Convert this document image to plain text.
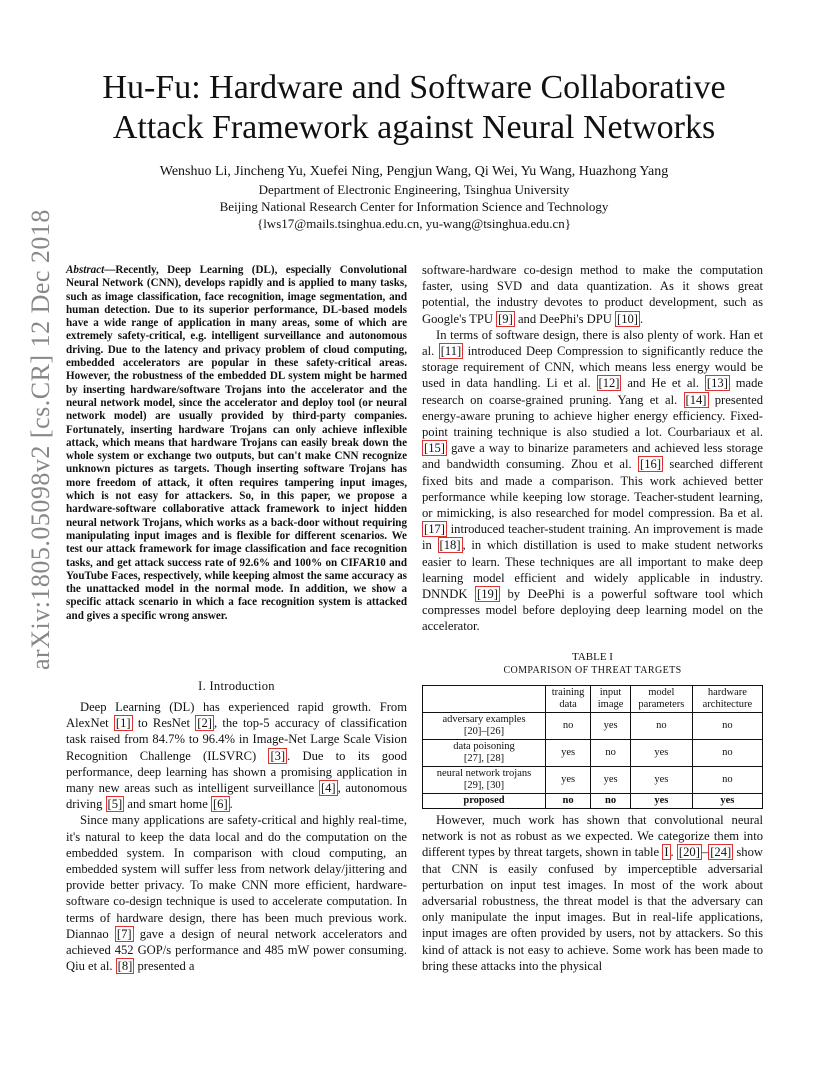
arXiv:1805.05098v2 [cs.CR] 12 Dec 2018
Hu-Fu: Hardware and Software Collaborative
Attack Framework against Neural Networks
Wenshuo Li, Jincheng Yu, Xuefei Ning, Pengjun Wang, Qi Wei, Yu Wang, Huazhong Yang
Department of Electronic Engineering, Tsinghua University
Beijing National Research Center for Information Science and Technology
{lws17@mails.tsinghua.edu.cn, yu-wang@tsinghua.edu.cn}
Abstract—Recently, Deep Learning (DL), especially Convolutional Neural Network (CNN), develops rapidly and is applied to many tasks, such as image classification, face recognition, image segmentation, and human detection. Due to its superior performance, DL-based models have a wide range of application in many areas, some of which are extremely safety-critical, e.g. intelligent surveillance and autonomous driving. Due to the latency and privacy problem of cloud computing, embedded accelerators are popular in these safety-critical areas. However, the robustness of the embedded DL system might be harmed by inserting hardware/software Trojans into the accelerator and the neural network model, since the accelerator and deploy tool (or neural network model) are usually provided by third-party companies. Fortunately, inserting hardware Trojans can only achieve inflexible attack, which means that hardware Trojans can easily break down the whole system or exchange two outputs, but can't make CNN recognize unknown pictures as targets. Though inserting software Trojans has more freedom of attack, it often requires tampering input images, which is not easy for attackers. So, in this paper, we propose a hardware-software collaborative attack framework to inject hidden neural network Trojans, which works as a back-door without requiring manipulating input images and is flexible for different scenarios. We test our attack framework for image classification and face recognition tasks, and get attack success rate of 92.6% and 100% on CIFAR10 and YouTube Faces, respectively, while keeping almost the same accuracy as the unattacked model in the normal mode. In addition, we show a specific attack scenario in which a face recognition system is attacked and gives a specific wrong answer.
I. Introduction

Deep Learning (DL) has experienced rapid growth. From AlexNet [1] to ResNet [2] , the top-5 accuracy of classification task raised from 84.7% to 96.4% in Image-Net Large Scale Vision Recognition Challenge (ILSVRC) [3] . Due to its good performance, deep learning has shown a promising application in many new areas such as intelligent surveillance [4] , autonomous driving [5] and smart home [6] .

Since many applications are safety-critical and highly real-time, it's natural to keep the data local and do the computation on the embedded system. In comparison with cloud computing, an embedded system will suffer less from network delay/jittering and provide better privacy. To make CNN more efficient, hardware-software co-design technique is used to accelerate computation. In terms of hardware design, there has been much previous work. Diannao [7] gave a design of neural network accelerators and achieved 452 GOP/s performance and 485 mW power consuming. Qiu et al. [8] presented a

software-hardware co-design method to make the computation faster, using SVD and data quantization. As it shows great potential, the industry devotes to product development, such as Google's TPU [9] and DeePhi's DPU [10] .

In terms of software design, there is also plenty of work. Han et al. [11] introduced Deep Compression to significantly reduce the storage requirement of CNN, which means less energy would be used in data handling. Li et al. [12] and He et al. [13] made research on coarse-grained pruning. Yang et al. [14] presented energy-aware pruning to achieve higher energy efficiency. Fixed-point training technique is also studied a lot. Courbariaux et al. [15] gave a way to binarize parameters and achieved less storage and bandwidth consuming. Zhou et al. [16] searched different fixed bits and made a comparison. This work achieved better performance while keeping low storage. Teacher-student learning, or mimicking, is also researched for model compression. Ba et al. [17] introduced teacher-student training. An improvement is made in [18] , in which distillation is used to make student networks easier to learn. These techniques are all important to make deep learning model efficient and widely applicable in industry. DNNDK [19] by DeePhi is a powerful software tool which compresses model before deploying deep learning model on the accelerator.

TABLE I
COMPARISON OF THREAT TARGETS
	training data	input image	model parameters	hardware architecture

adversary examples
[20]–[26]	no	yes	no	no

data poisoning
[27], [28]	yes	no	yes	no

neural network trojans
[29], [30]	yes	yes	yes	no
proposed	no	no	yes	yes

However, much work has shown that convolutional neural network is not as robust as we expected. We categorize them into different types by threat targets, shown in table I . [20] – [24] show that CNN is easily confused by imperceptible adversarial perturbation on input test images. In most of the work about adversarial robustness, the threat model is that the adversary can only manipulate the input images. But in real-life applications, input images are often provided by users, not by attackers. So this kind of attack is not easy to achieve. Some work has been made to bring these attacks into the physical
